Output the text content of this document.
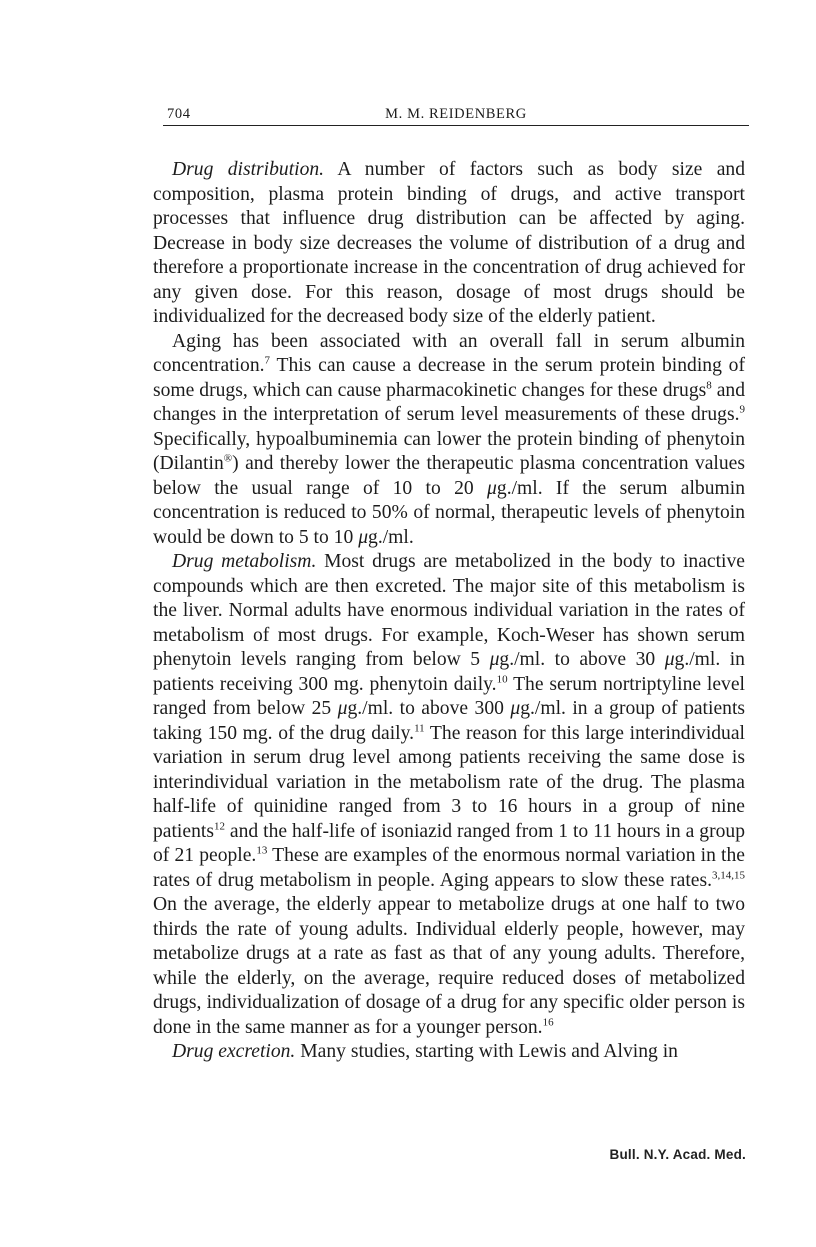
704	M. M. REIDENBERG

Drug distribution. A number of factors such as body size and composition, plasma protein binding of drugs, and active transport processes that influence drug distribution can be affected by aging. Decrease in body size decreases the volume of distribution of a drug and therefore a proportionate increase in the concentration of drug achieved for any given dose. For this reason, dosage of most drugs should be individualized for the decreased body size of the elderly patient.

Aging has been associated with an overall fall in serum albumin concentration.$^7$ This can cause a decrease in the serum protein binding of some drugs, which can cause pharmacokinetic changes for these drugs$^8$ and changes in the interpretation of serum level measurements of these drugs.$^9$ Specifically, hypoalbuminemia can lower the protein binding of phenytoin (Dilantin®) and thereby lower the therapeutic plasma concentration values below the usual range of 10 to 20 μg./ml. If the serum albumin concentration is reduced to 50% of normal, therapeutic levels of phenytoin would be down to 5 to 10 μg./ml.

Drug metabolism. Most drugs are metabolized in the body to inactive compounds which are then excreted. The major site of this metabolism is the liver. Normal adults have enormous individual variation in the rates of metabolism of most drugs. For example, Koch-Weser has shown serum phenytoin levels ranging from below 5 μg./ml. to above 30 μg./ml. in patients receiving 300 mg. phenytoin daily.$^{10}$ The serum nortriptyline level ranged from below 25 μg./ml. to above 300 μg./ml. in a group of patients taking 150 mg. of the drug daily.$^{11}$ The reason for this large interindividual variation in serum drug level among patients receiving the same dose is interindividual variation in the metabolism rate of the drug. The plasma half-life of quinidine ranged from 3 to 16 hours in a group of nine patients$^{12}$ and the half-life of isoniazid ranged from 1 to 11 hours in a group of 21 people.$^{13}$ These are examples of the enormous normal variation in the rates of drug metabolism in people. Aging appears to slow these rates.$^{3,14,15}$ On the average, the elderly appear to metabolize drugs at one half to two thirds the rate of young adults. Individual elderly people, however, may metabolize drugs at a rate as fast as that of any young adults. Therefore, while the elderly, on the average, require reduced doses of metabolized drugs, individualization of dosage of a drug for any specific older person is done in the same manner as for a younger person.$^{16}$

Drug excretion. Many studies, starting with Lewis and Alving in

Bull. N.Y. Acad. Med.
